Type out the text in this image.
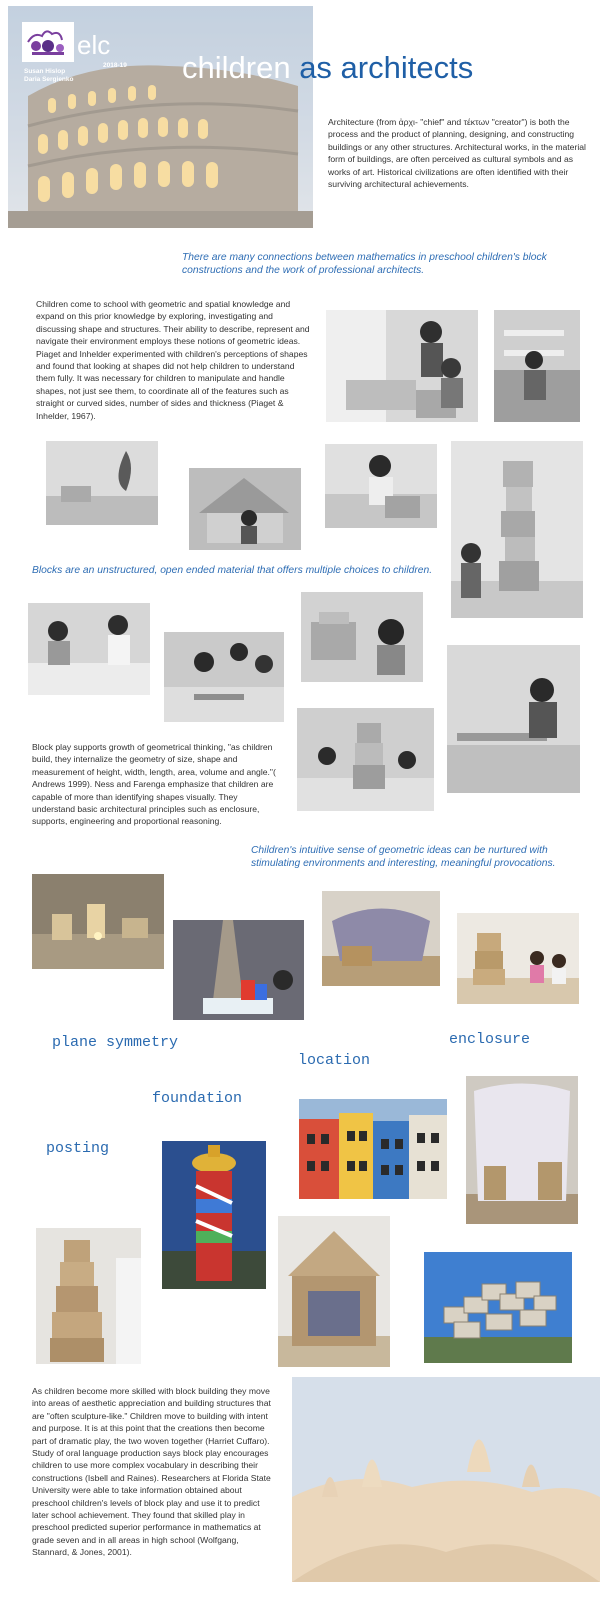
elc
Susan Hislop
Daria Sergienko
2018-19 children as architects
Architecture (from ἀρχι- "chief" and τέκτων "creator") is both the process and the product of planning, designing, and constructing buildings or any other structures. Architectural works, in the material form of buildings, are often perceived as cultural symbols and as works of art. Historical civilizations are often identified with their surviving architectural achievements.
There are many connections between mathematics in preschool children's block constructions and the work of professional architects.
Children come to school with geometric and spatial knowledge and expand on this prior knowledge by exploring, investigating and discussing shape and structures. Their ability to describe, represent and navigate their environment employs these notions of geometric ideas. Piaget and Inhelder experimented with children's perceptions of shapes and found that looking at shapes did not help children to understand them fully. It was necessary for children to manipulate and handle shapes, not just see them, to coordinate all of the features such as straight or curved sides, number of sides and thickness (Piaget & Inhelder, 1967).
Blocks are an unstructured, open ended material that offers multiple choices to children.
Block play supports growth of geometrical thinking, "as children build, they internalize the geometry of size, shape and measurement of height, width, length, area, volume and angle."( Andrews 1999). Ness and Farenga emphasize that children are capable of more than identifying shapes visually. They understand basic architectural principles such as enclosure, supports, engineering and proportional reasoning.
Children's intuitive sense of geometric ideas can be nurtured with stimulating environments and interesting, meaningful provocations.
plane symmetry	enclosure
location
foundation
posting
As children become more skilled with block building they move into areas of aesthetic appreciation and building structures that are "often sculpture-like." Children move to building with intent and purpose. It is at this point that the creations then become part of dramatic play, the two woven together (Harriet Cuffaro). Study of oral language production says block play encourages children to use more complex vocabulary in describing their constructions (Isbell and Raines). Researchers at Florida State University were able to take information obtained about preschool children's levels of block play and use it to predict later school achievement. They found that skilled play in preschool predicted superior performance in mathematics at grade seven and in all areas in high school (Wolfgang, Stannard, & Jones, 2001).
